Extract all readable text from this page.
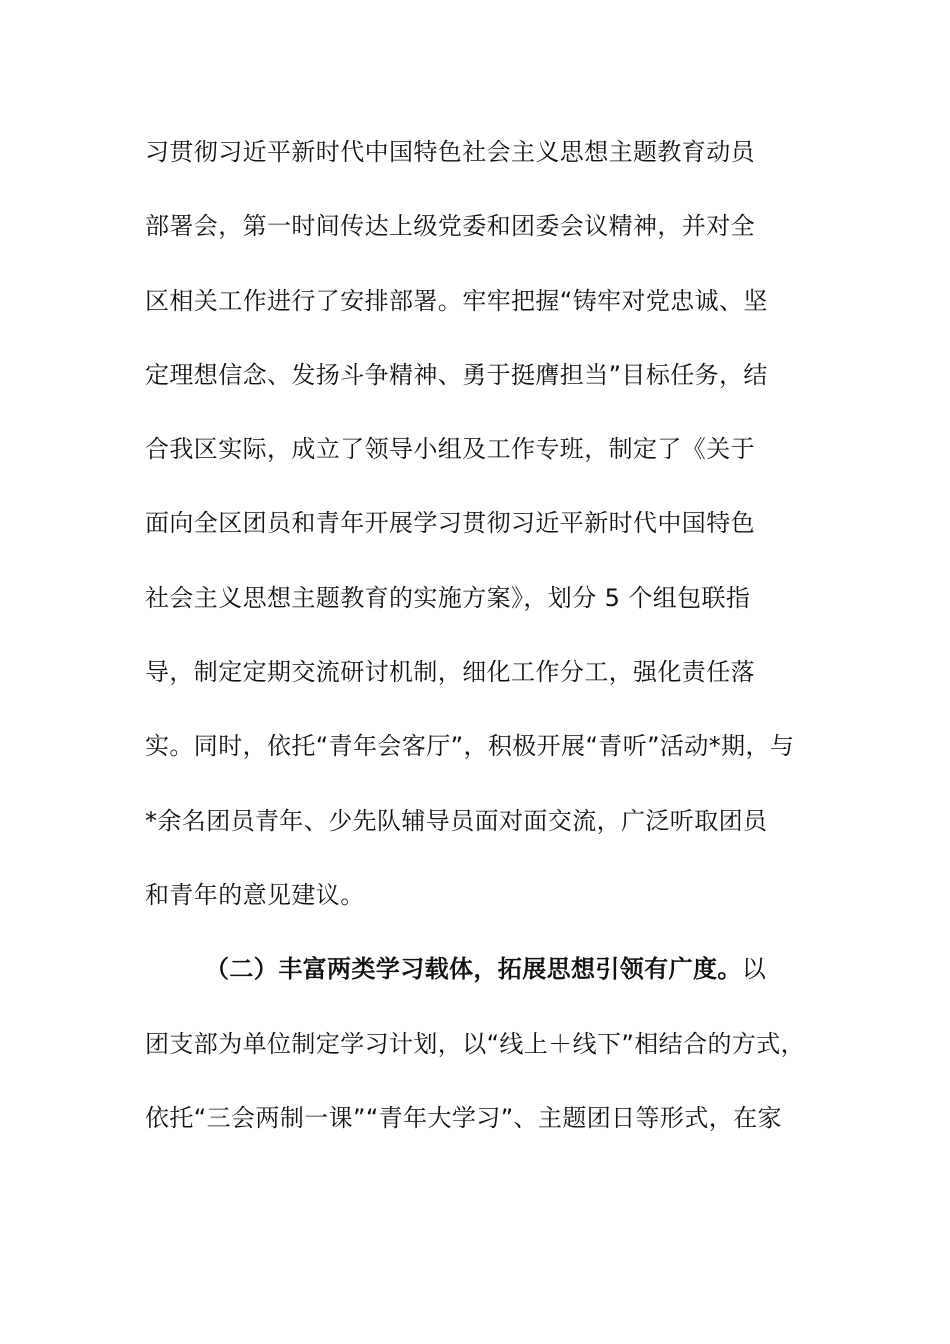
习贯彻习近平新时代中国特色社会主义思想主题教育动员
部署会，第一时间传达上级党委和团委会议精神，并对全
区相关工作进行了安排部署。牢牢把握“铸牢对党忠诚、坚
定理想信念、发扬斗争精神、勇于挺膺担当”目标任务，结
合我区实际，成立了领导小组及工作专班，制定了《关于
面向全区团员和青年开展学习贯彻习近平新时代中国特色
社会主义思想主题教育的实施方案》，划分 5 个组包联指
导，制定定期交流研讨机制，细化工作分工，强化责任落
实。同时，依托“青年会客厅”，积极开展“青听”活动*期，与
*余名团员青年、少先队辅导员面对面交流，广泛听取团员
和青年的意见建议。
（二）丰富两类学习载体，拓展思想引领有广度。以
团支部为单位制定学习计划，以“线上＋线下”相结合的方式，
依托“三会两制一课”“青年大学习”、主题团日等形式，在家
